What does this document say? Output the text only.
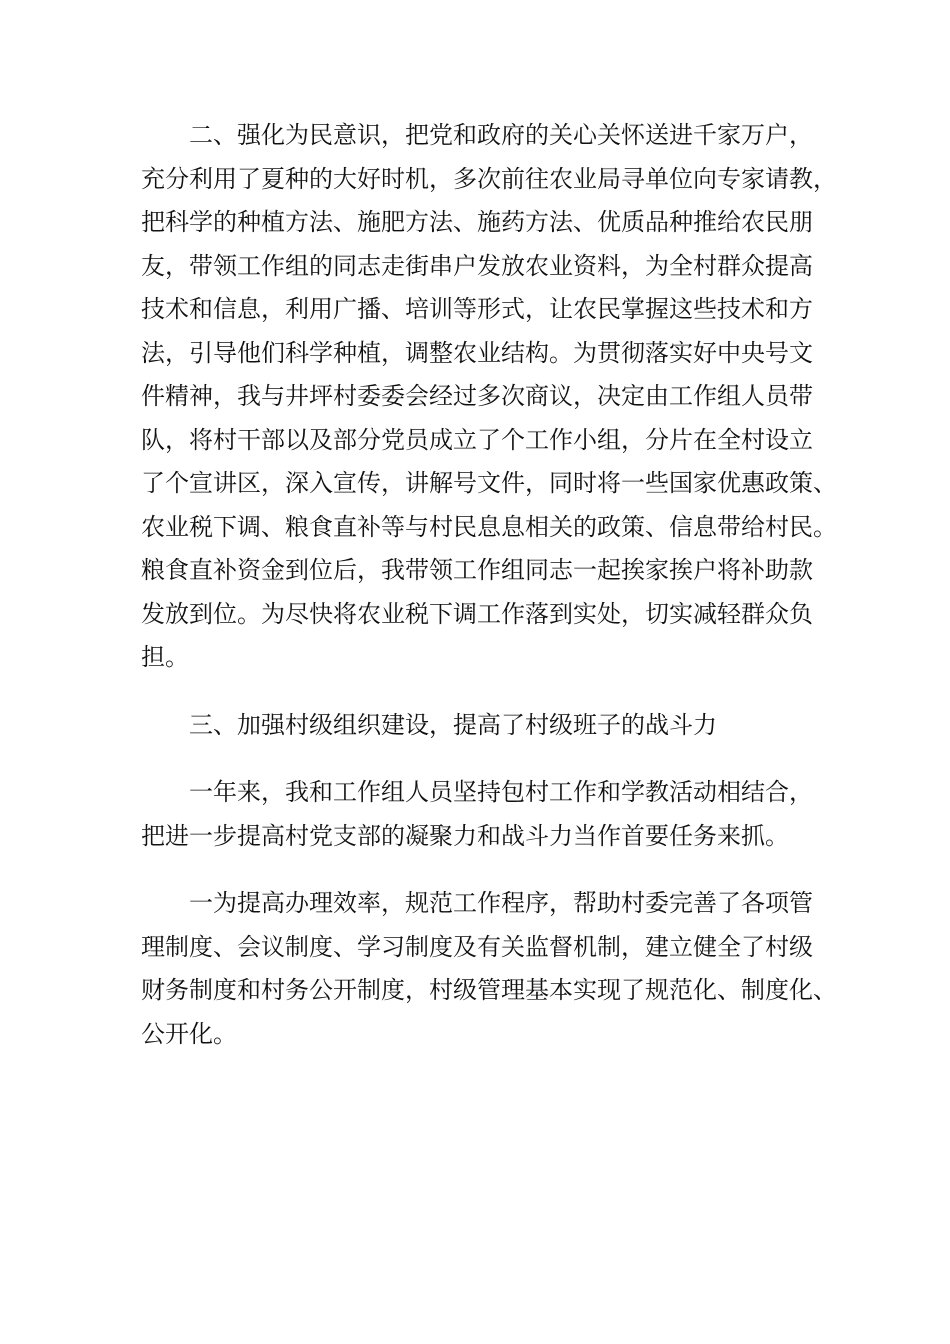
二、强化为民意识，把党和政府的关心关怀送进千家万户，
充分利用了夏种的大好时机，多次前往农业局寻单位向专家请教，
把科学的种植方法、施肥方法、施药方法、优质品种推给农民朋
友，带领工作组的同志走街串户发放农业资料，为全村群众提高
技术和信息，利用广播、培训等形式，让农民掌握这些技术和方
法，引导他们科学种植，调整农业结构。为贯彻落实好中央号文
件精神，我与井坪村委委会经过多次商议，决定由工作组人员带
队，将村干部以及部分党员成立了个工作小组，分片在全村设立
了个宣讲区，深入宣传，讲解号文件，同时将一些国家优惠政策、
农业税下调、粮食直补等与村民息息相关的政策、信息带给村民。
粮食直补资金到位后，我带领工作组同志一起挨家挨户将补助款
发放到位。为尽快将农业税下调工作落到实处，切实减轻群众负
担。
三、加强村级组织建设，提高了村级班子的战斗力
一年来，我和工作组人员坚持包村工作和学教活动相结合，
把进一步提高村党支部的凝聚力和战斗力当作首要任务来抓。
一为提高办理效率，规范工作程序，帮助村委完善了各项管
理制度、会议制度、学习制度及有关监督机制，建立健全了村级
财务制度和村务公开制度，村级管理基本实现了规范化、制度化、
公开化。
